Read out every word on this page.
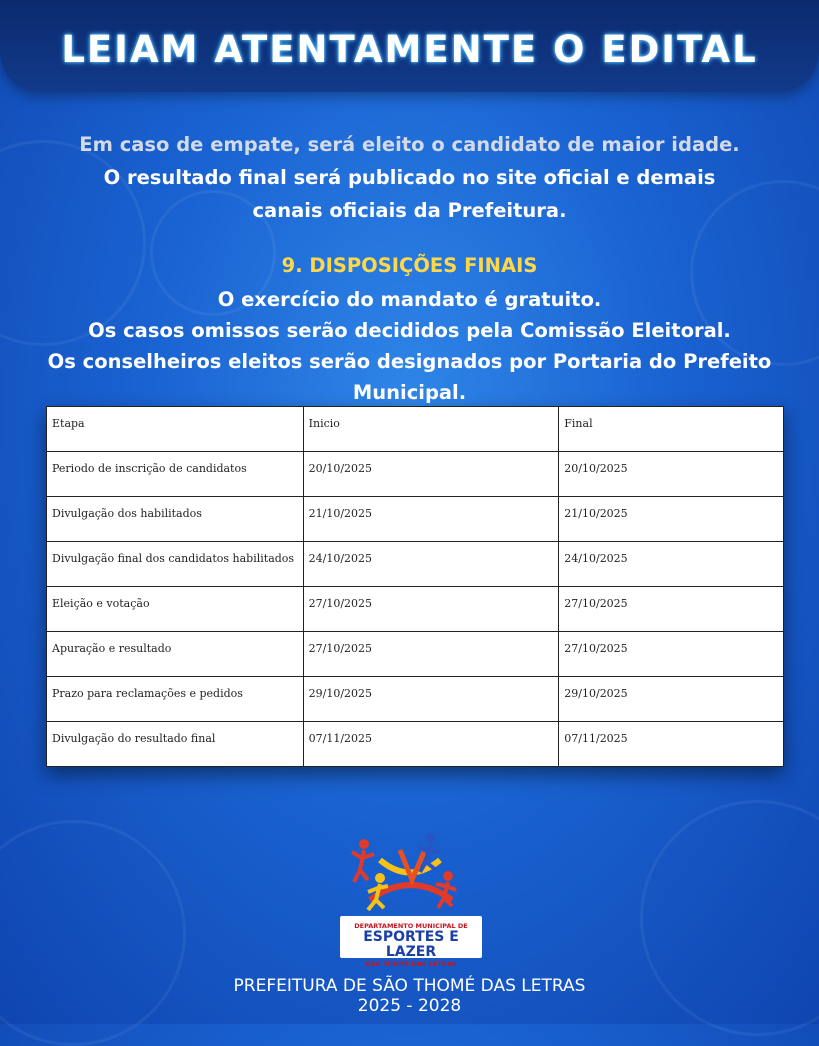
LEIAM ATENTAMENTE O EDITAL
Em caso de empate, será eleito o candidato de maior idade.
O resultado final será publicado no site oficial e demais
canais oficiais da Prefeitura.
9. DISPOSIÇÕES FINAIS
O exercício do mandato é gratuito.
Os casos omissos serão decididos pela Comissão Eleitoral.
Os conselheiros eleitos serão designados por Portaria do Prefeito Municipal.
Etapa	Inicio	Final
Periodo de inscrição de candidatos	20/10/2025	20/10/2025
Divulgação dos habilitados	21/10/2025	21/10/2025
Divulgação final dos candidatos habilitados	24/10/2025	24/10/2025
Eleição e votação	27/10/2025	27/10/2025
Apuração e resultado	27/10/2025	27/10/2025
Prazo para reclamações e pedidos	29/10/2025	29/10/2025
Divulgação do resultado final	07/11/2025	07/11/2025
DEPARTAMENTO MUNICIPAL DE
ESPORTES E LAZER
SÃO THOMÉ DAS LETRAS
PREFEITURA DE SÃO THOMÉ DAS LETRAS
2025 - 2028
